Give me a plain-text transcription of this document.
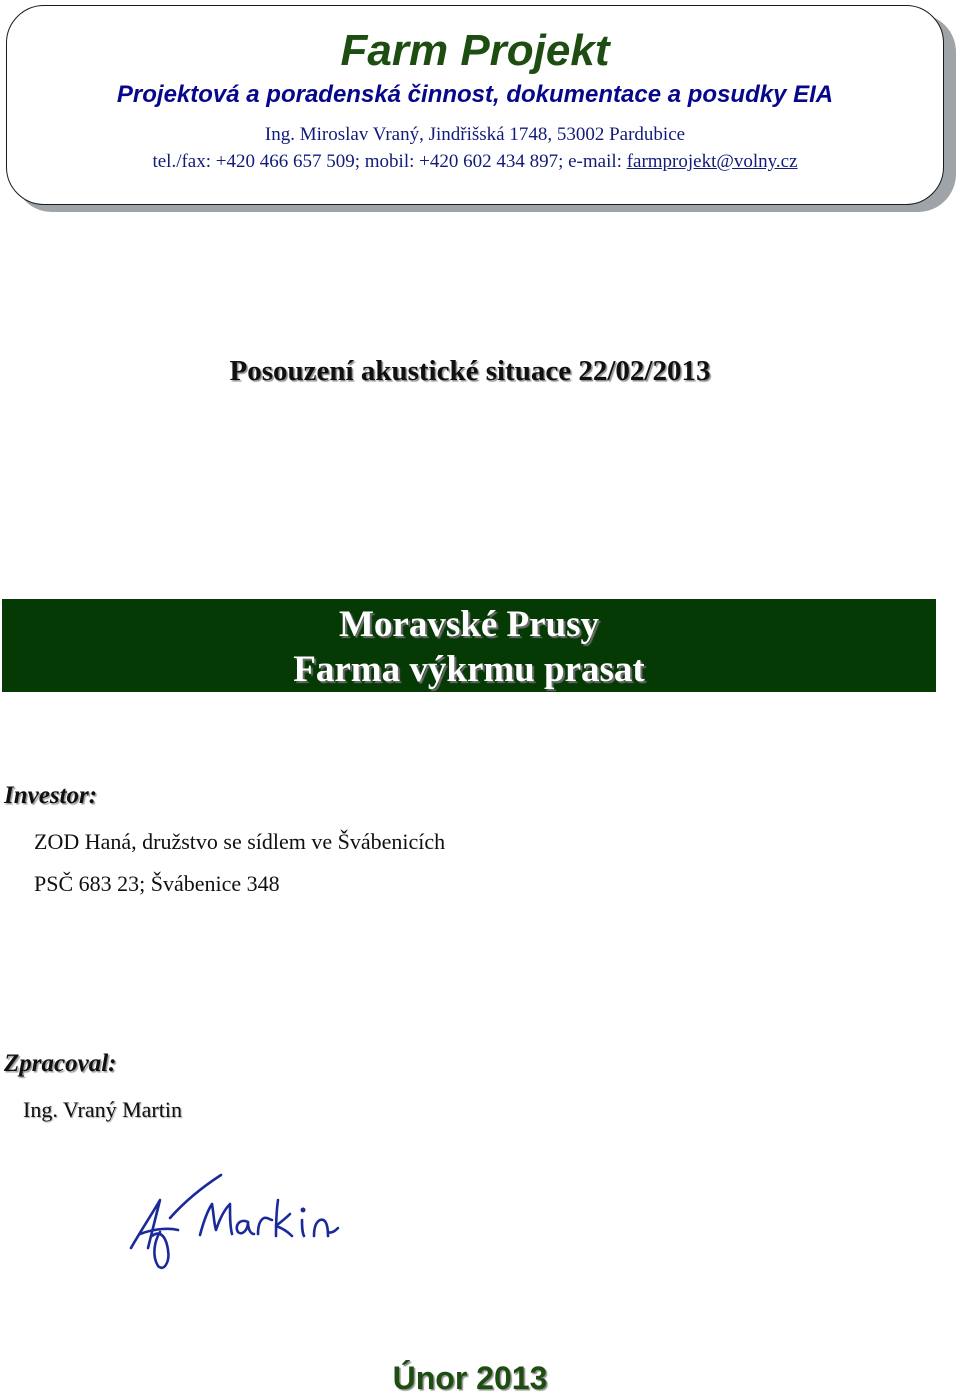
Farm Projekt
Projektová a poradenská činnost, dokumentace a posudky EIA
Ing. Miroslav Vraný, Jindřišská 1748, 53002 Pardubice
tel./fax: +420 466 657 509; mobil: +420 602 434 897; e-mail: farmprojekt@volny.cz
Posouzení akustické situace 22/02/2013
Moravské Prusy
Farma výkrmu prasat
Investor:
ZOD Haná, družstvo se sídlem ve Švábenicích
PSČ 683 23; Švábenice 348
Zpracoval:
Ing. Vraný Martin
Únor 2013
